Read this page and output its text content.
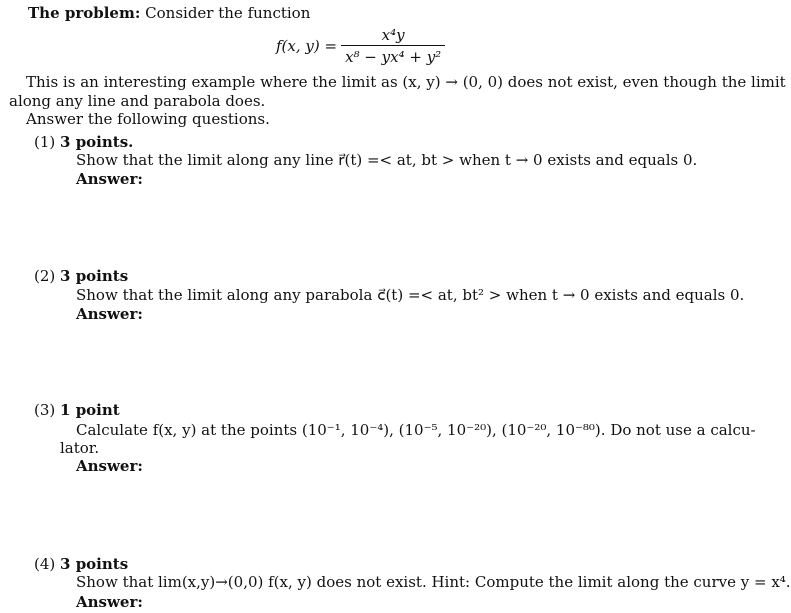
The problem: Consider the function
f(x, $y) = \frac{\text{x⁴y}}{\text{x⁸ − yx⁴ + y²}}$
This is an interesting example where the limit as (x, y) → (0, 0) does not exist, even though the limit
along any line and parabola does.
Answer the following questions.
(1) 3 points.
Show that the limit along any line r⃗(t) =< at, bt > when t → 0 exists and equals 0.
Answer:
(2) 3 points
Show that the limit along any parabola c⃗(t) =< at, bt² > when t → 0 exists and equals 0.
Answer:
(3) 1 point
Calculate f(x, y) at the points (10⁻¹, 10⁻⁴), (10⁻⁵, 10⁻²⁰), (10⁻²⁰, 10⁻⁸⁰). Do not use a calcu-
lator.
Answer:
(4) 3 points
Show that lim(x,y)→(0,0) f(x, y) does not exist. Hint: Compute the limit along the curve y = x⁴.
Answer:
